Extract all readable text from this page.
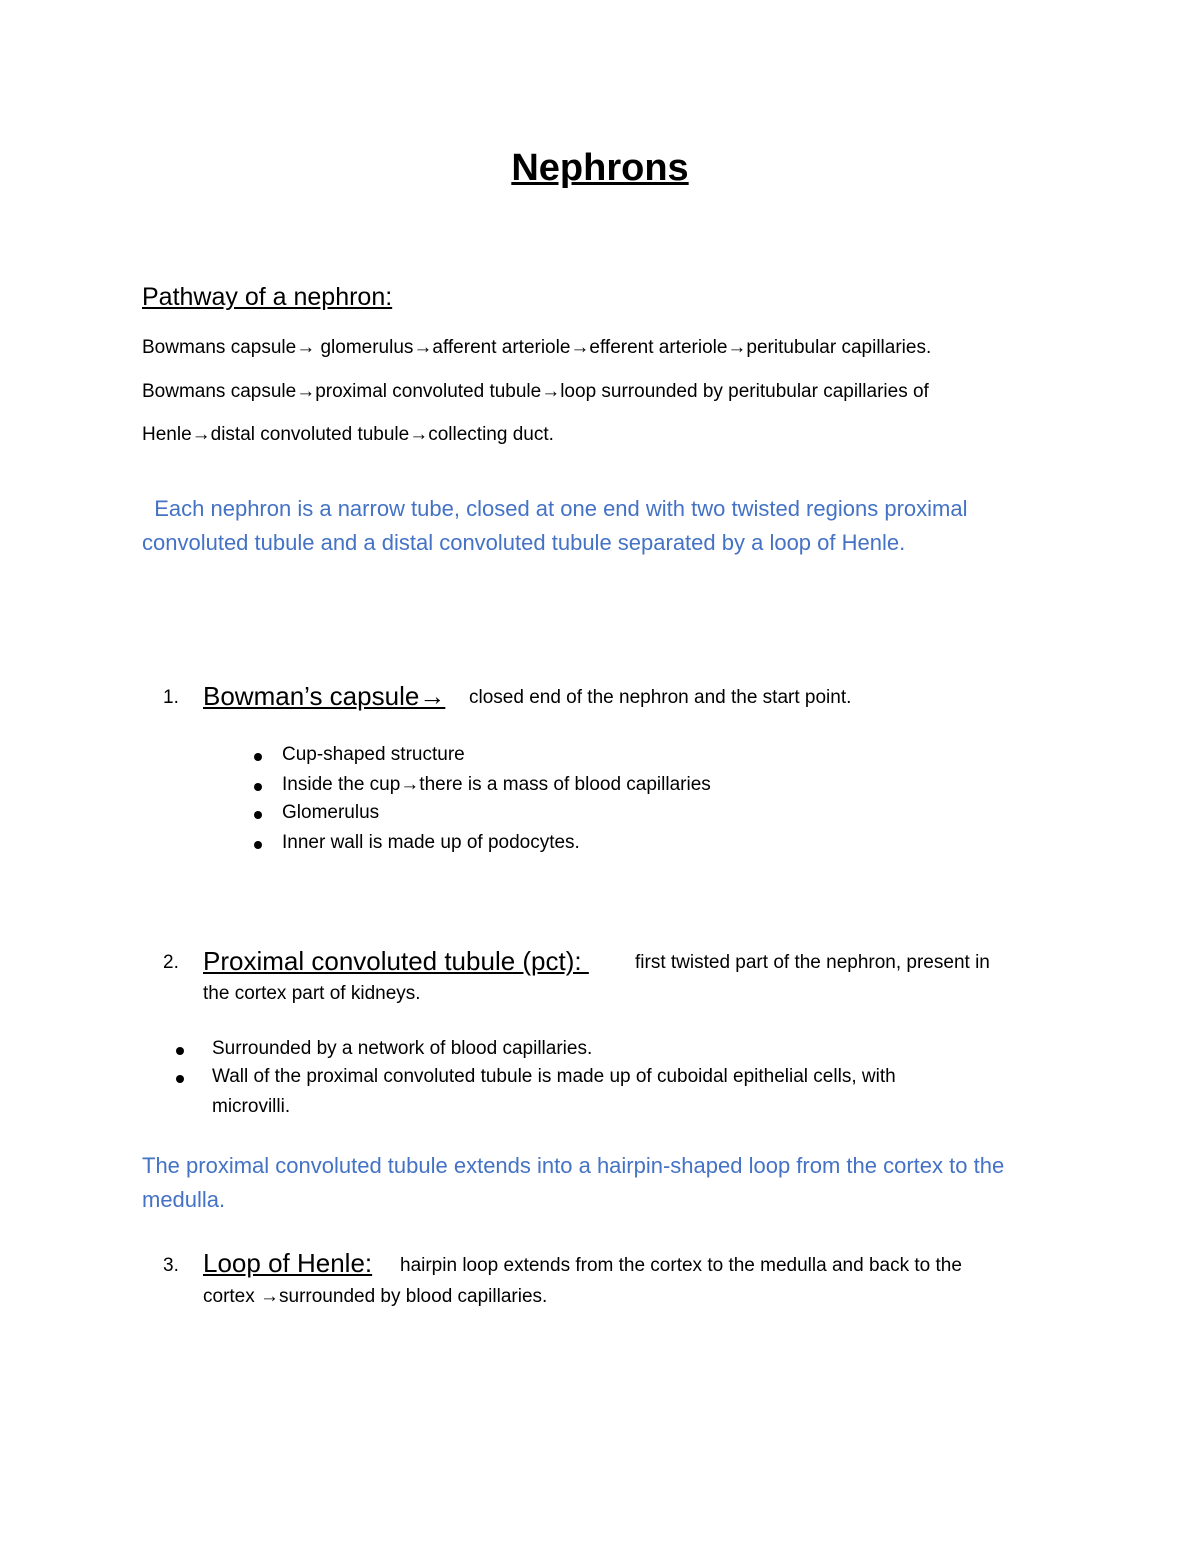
Nephrons
Pathway of a nephron:
Bowmans capsule→ glomerulus→afferent arteriole→efferent arteriole→peritubular capillaries.
Bowmans capsule→proximal convoluted tubule→loop surrounded by peritubular capillaries of
Henle→distal convoluted tubule→collecting duct.
Each nephron is a narrow tube, closed at one end with two twisted regions proximal convoluted tubule and a distal convoluted tubule separated by a loop of Henle.
1. Bowman’s capsule→ closed end of the nephron and the start point.
Cup-shaped structure
Inside the cup→there is a mass of blood capillaries
Glomerulus
Inner wall is made up of podocytes.
2. Proximal convoluted tubule (pct): first twisted part of the nephron, present in
the cortex part of kidneys.
Surrounded by a network of blood capillaries.
Wall of the proximal convoluted tubule is made up of cuboidal epithelial cells, with
microvilli.
The proximal convoluted tubule extends into a hairpin-shaped loop from the cortex to the medulla.
3. Loop of Henle: hairpin loop extends from the cortex to the medulla and back to the
cortex →surrounded by blood capillaries.
